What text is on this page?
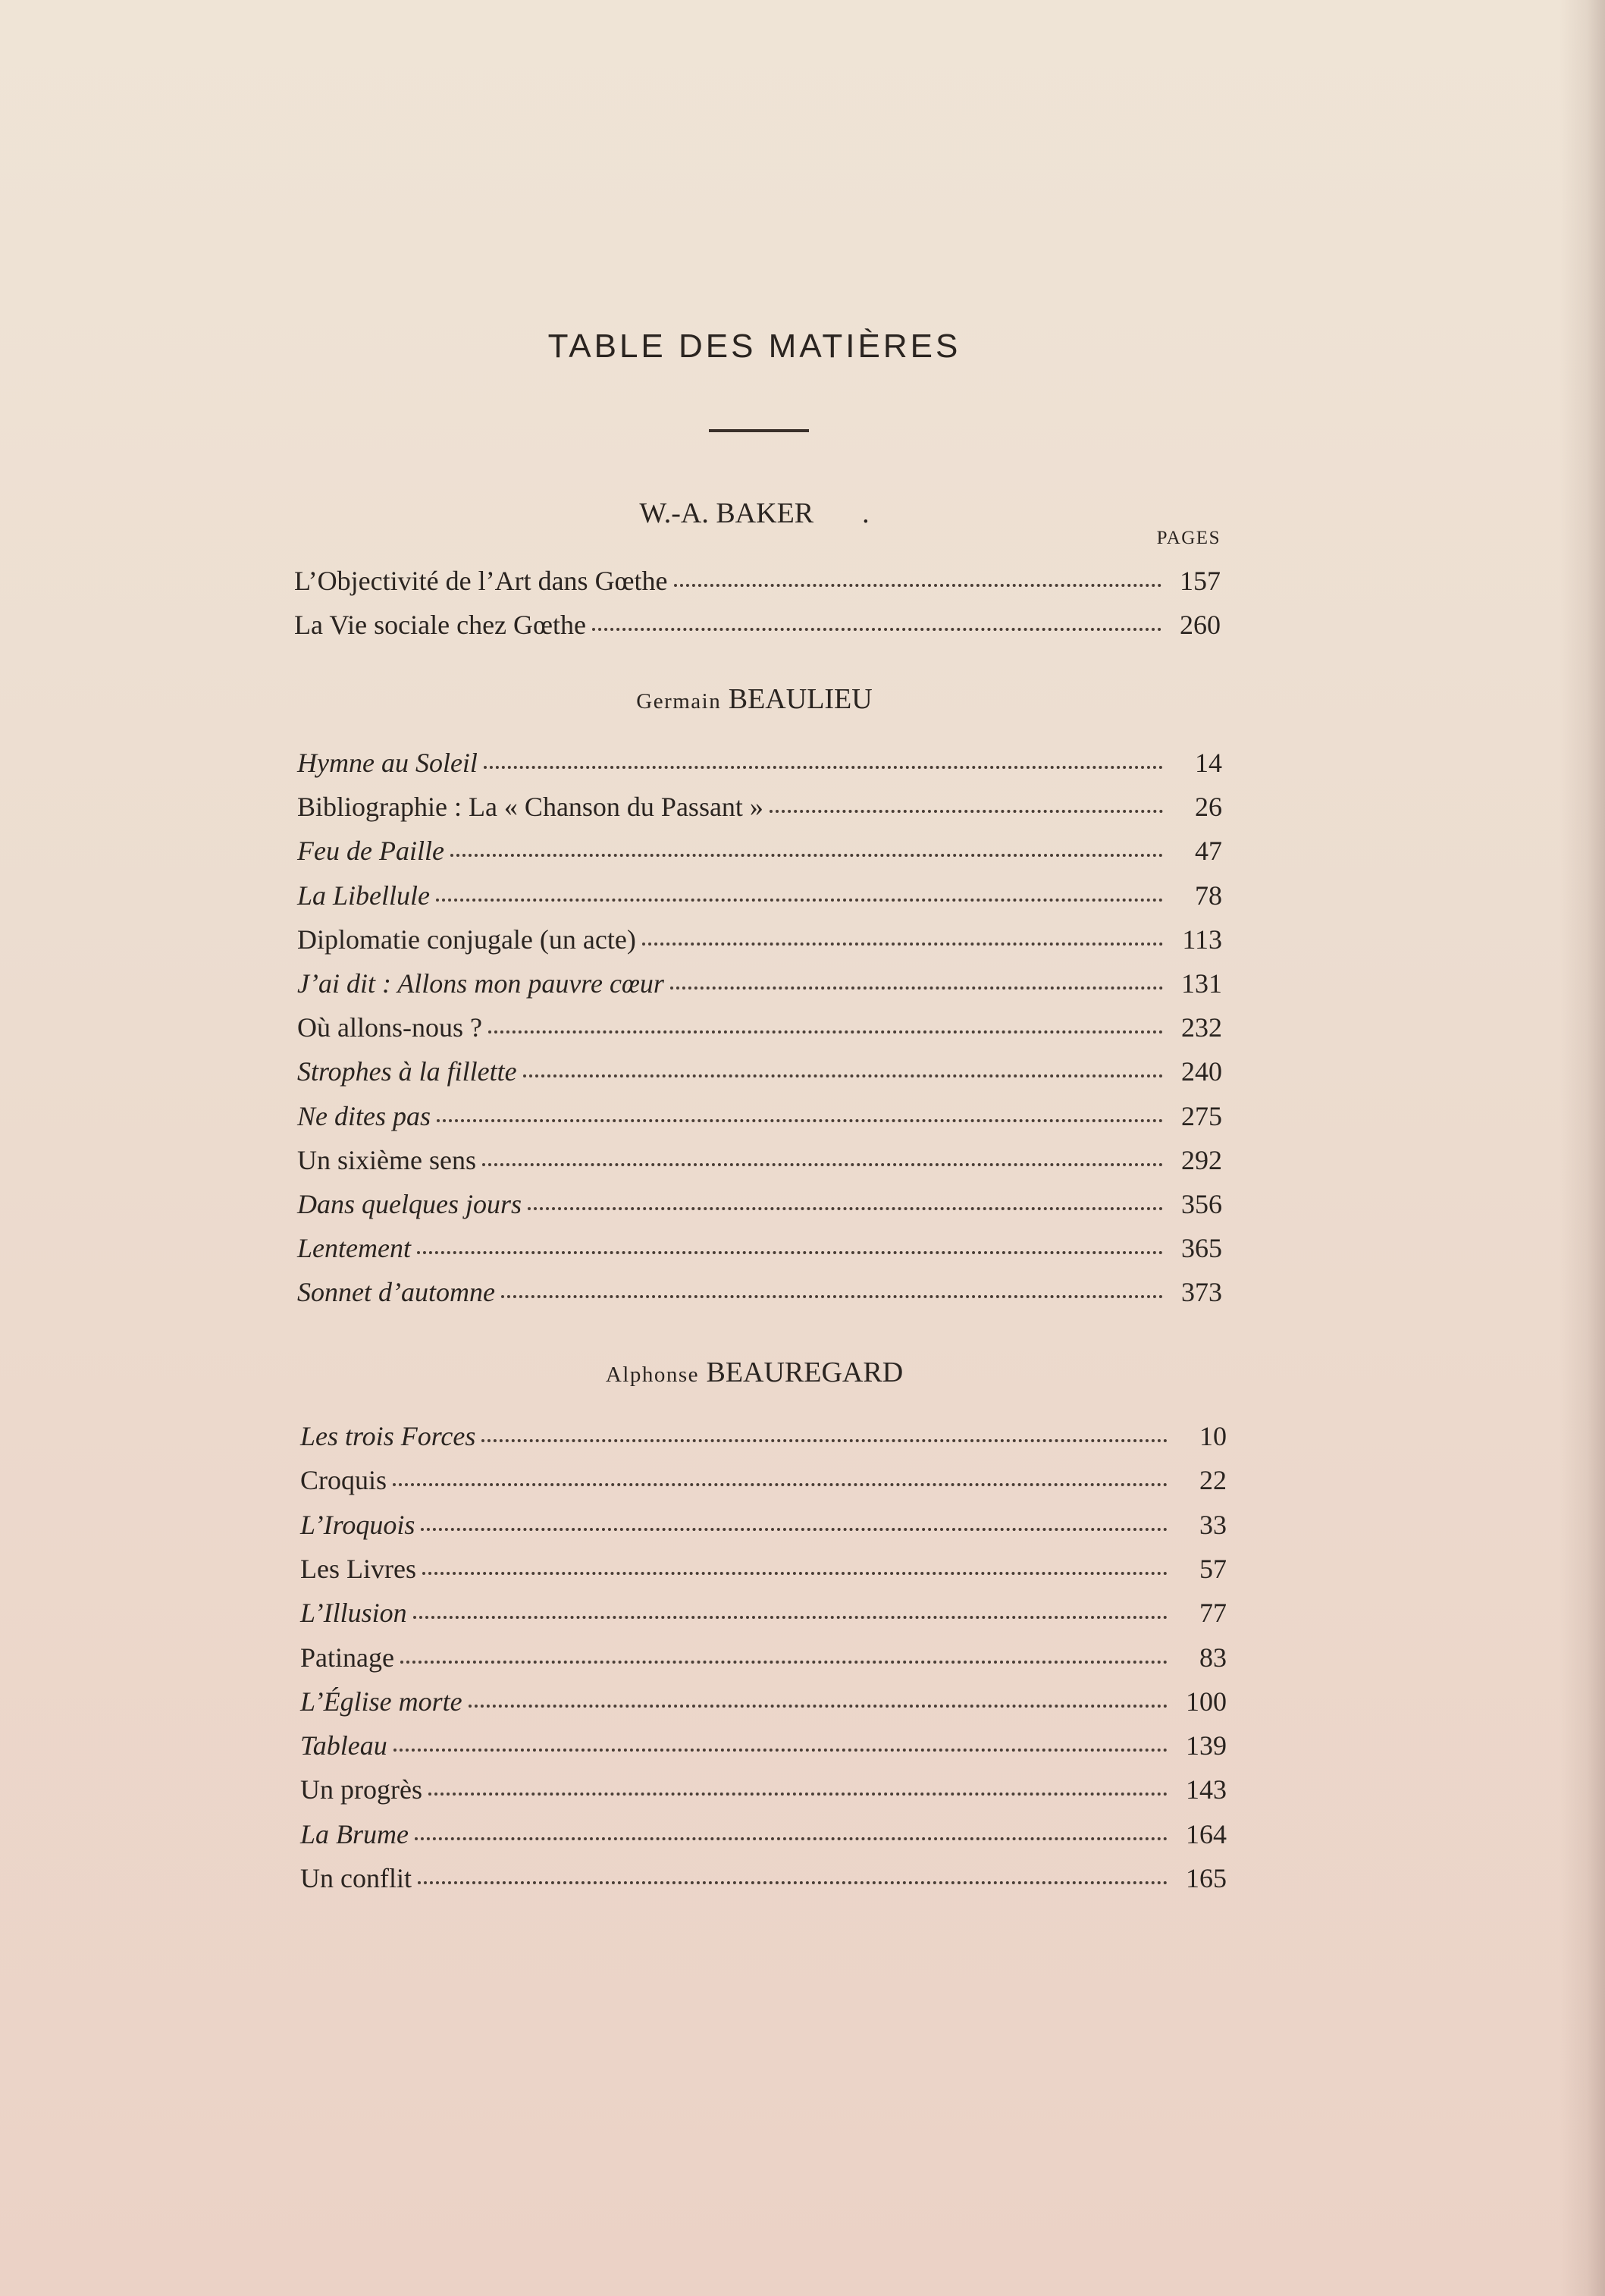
TABLE DES MATIÈRES
W.-A. BAKER .
PAGES
Germain BEAULIEU
Alphonse BEAUREGARD
L’Objectivité de l’Art dans Gœthe	157
La Vie sociale chez Gœthe	260
Hymne au Soleil	14
Bibliographie : La « Chanson du Passant »	26
Feu de Paille	47
La Libellule	78
Diplomatie conjugale (un acte)	113
J’ai dit : Allons mon pauvre cœur	131
Où allons-nous ?	232
Strophes à la fillette	240
Ne dites pas	275
Un sixième sens	292
Dans quelques jours	356
Lentement	365
Sonnet d’automne	373
Les trois Forces	10
Croquis	22
L’Iroquois	33
Les Livres	57
L’Illusion	77
Patinage	83
L’Église morte	100
Tableau	139
Un progrès	143
La Brume	164
Un conflit	165
